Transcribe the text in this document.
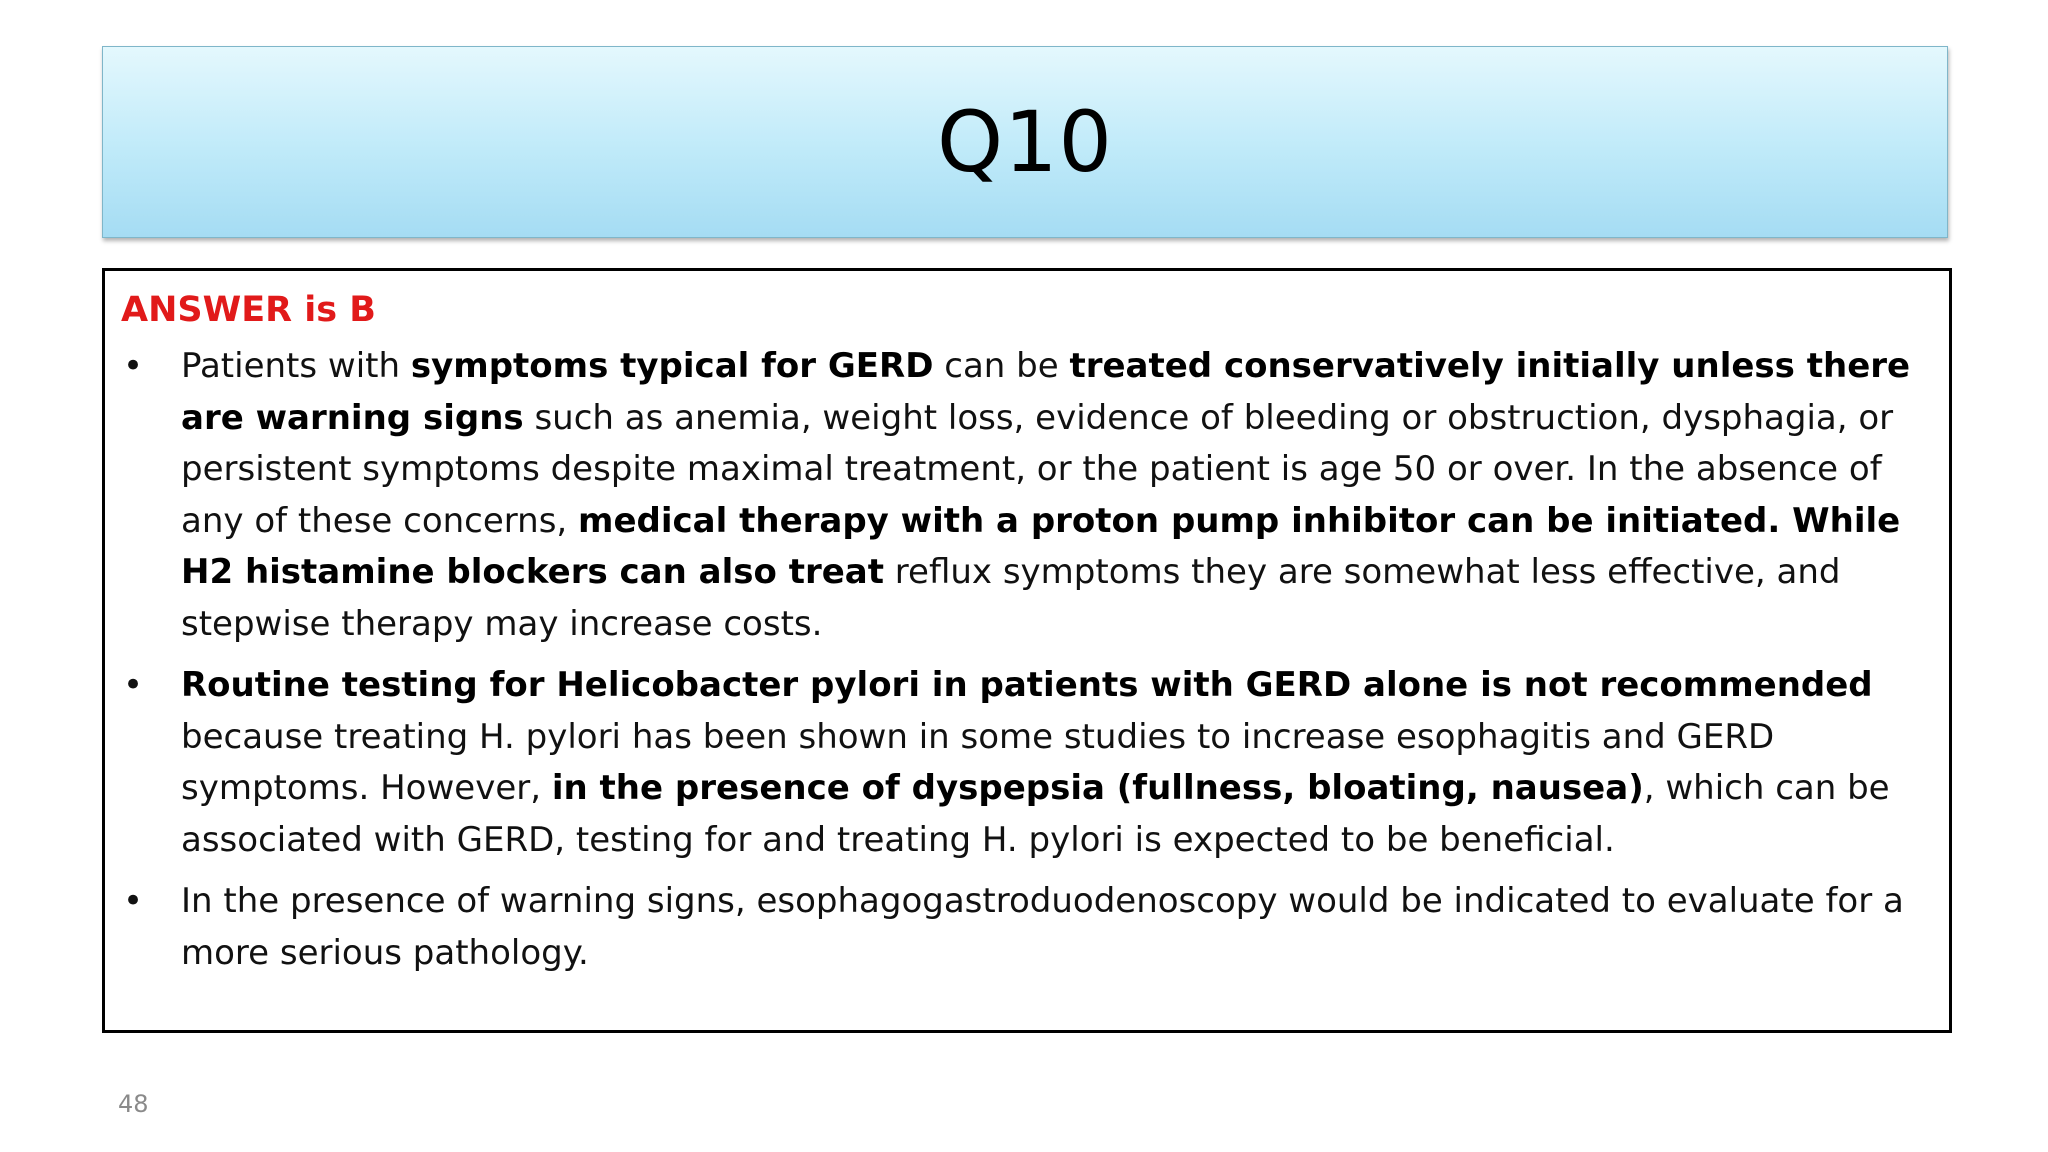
Q10
ANSWER is B
• Patients with symptoms typical for GERD can be treated conservatively initially unless there are warning signs such as anemia, weight loss, evidence of bleeding or obstruction, dysphagia, or persistent symptoms despite maximal treatment, or the patient is age 50 or over. In the absence of any of these concerns, medical therapy with a proton pump inhibitor can be initiated. While H2 histamine blockers can also treat reflux symptoms they are somewhat less effective, and stepwise therapy may increase costs.
• Routine testing for Helicobacter pylori in patients with GERD alone is not recommended because treating H. pylori has been shown in some studies to increase esophagitis and GERD symptoms. However, in the presence of dyspepsia (fullness, bloating, nausea), which can be associated with GERD, testing for and treating H. pylori is expected to be beneficial.
• In the presence of warning signs, esophagogastroduodenoscopy would be indicated to evaluate for a more serious pathology.
48
